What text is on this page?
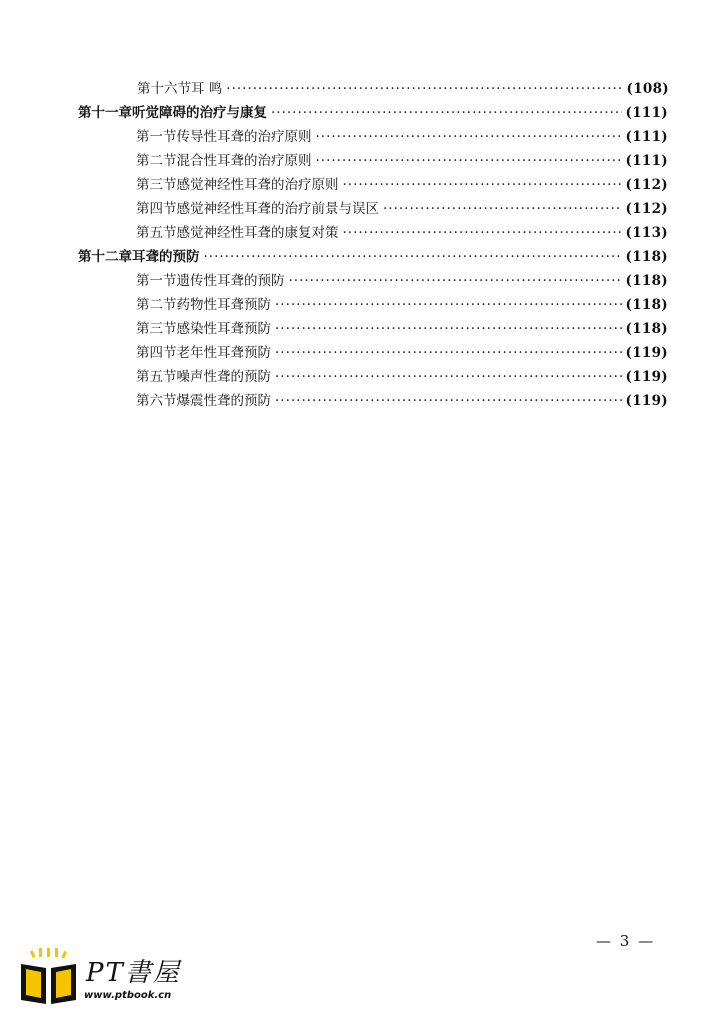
第十六节 耳 鸣 ·····	(108)
第十一章 听觉障碍的治疗与康复 ·····	(111)
第一节 传导性耳聋的治疗原则 ·····	(111)
第二节 混合性耳聋的治疗原则 ·····	(111)
第三节 感觉神经性耳聋的治疗原则 ·····	(112)
第四节 感觉神经性耳聋的治疗前景与误区 ·····	(112)
第五节 感觉神经性耳聋的康复对策 ·····	(113)
第十二章 耳聋的预防 ·····	(118)
第一节 遗传性耳聋的预防 ·····	(118)
第二节 药物性耳聋预防 ·····	(118)
第三节 感染性耳聋预防 ·····	(118)
第四节 老年性耳聋预防 ·····	(119)
第五节 噪声性聋的预防 ·····	(119)
第六节 爆震性聋的预防 ·····	(119)
— 3 —
PT書屋
www.ptbook.cn
